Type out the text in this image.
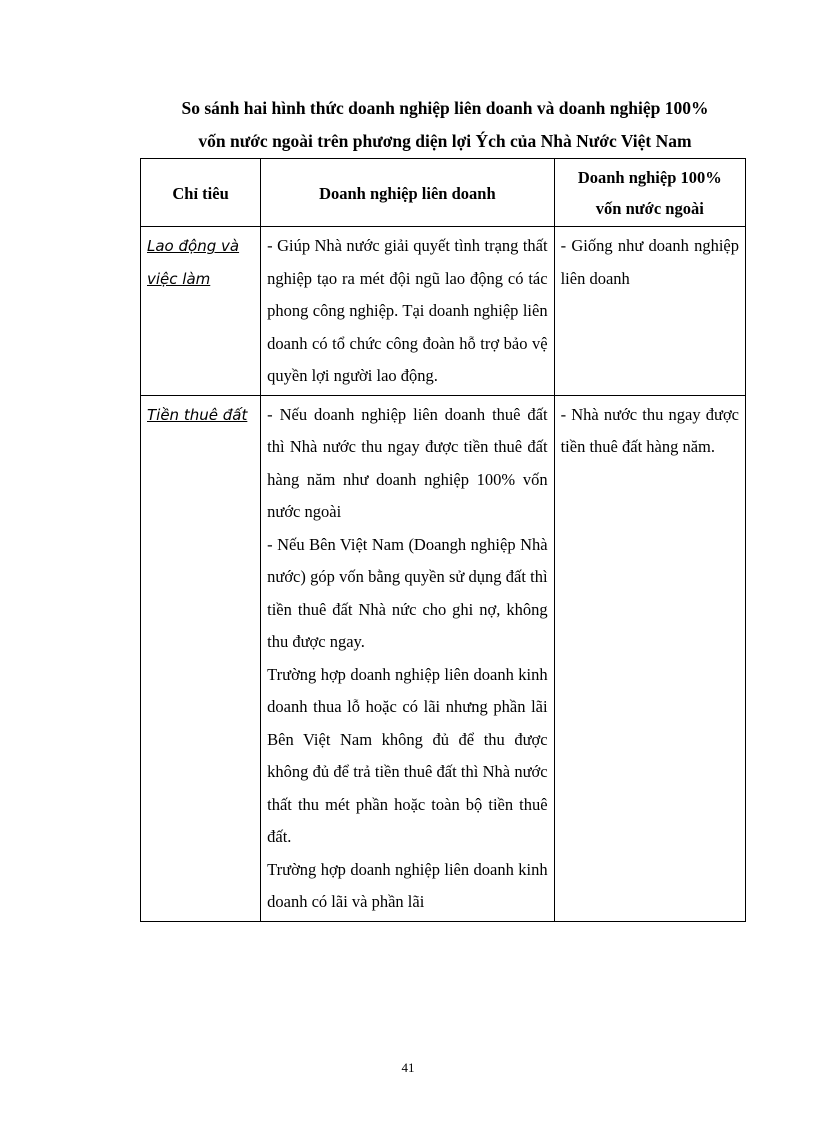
So sánh hai hình thức doanh nghiệp liên doanh và doanh nghiệp 100%
vốn nước ngoài trên phương diện lợi Ých của Nhà Nước Việt Nam
Chỉ tiêu	Doanh nghiệp liên doanh	Doanh nghiệp 100%
vốn nước ngoài

Lao động và
việc làm	- Giúp Nhà nước giải quyết tình trạng thất nghiệp tạo ra mét đội ngũ lao động có tác phong công nghiệp. Tại doanh nghiệp liên doanh có tổ chức công đoàn hỗ trợ bảo vệ quyền lợi người lao động.	- Giống như doanh nghiệp liên doanh

Tiền thuê đất	- Nếu doanh nghiệp liên doanh thuê đất thì Nhà nước thu ngay được tiền thuê đất hàng năm như doanh nghiệp 100% vốn nước ngoài
- Nếu Bên Việt Nam (Doangh nghiệp Nhà nước) góp vốn bằng quyền sử dụng đất thì tiền thuê đất Nhà nức cho ghi nợ, không thu được ngay.
Trường hợp doanh nghiệp liên doanh kinh doanh thua lỗ hoặc có lãi nhưng phần lãi Bên Việt Nam không đủ để thu được không đủ để trả tiền thuê đất thì Nhà nước thất thu mét phần hoặc toàn bộ tiền thuê đất.
Trường hợp doanh nghiệp liên doanh kinh doanh có lãi và phần lãi	- Nhà nước thu ngay được tiền thuê đất hàng năm.
41
